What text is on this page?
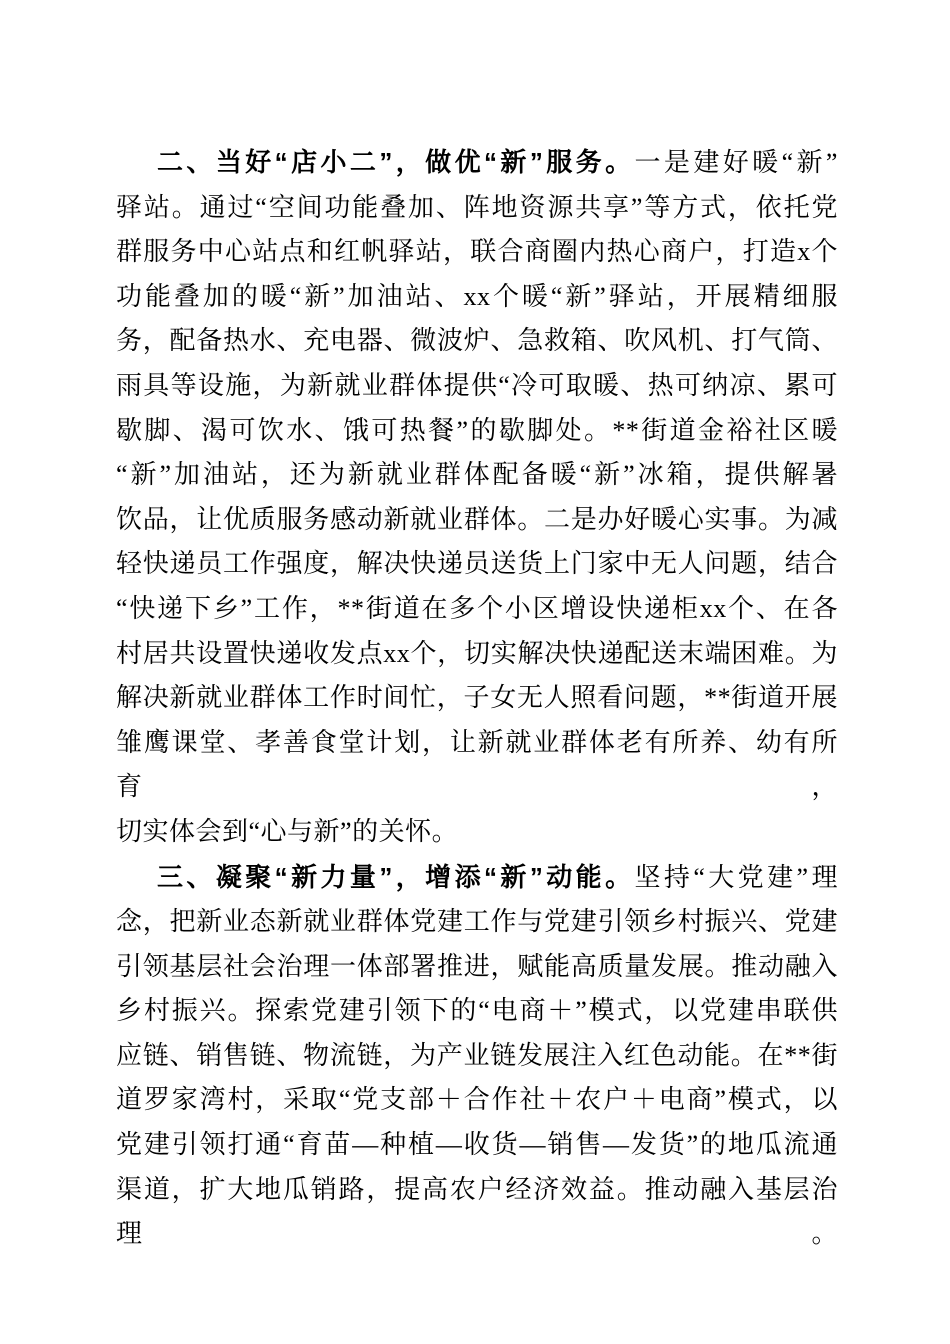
二、当好“店小二”，做优“新”服务。一是建好暖“新”
驿站。通过“空间功能叠加、阵地资源共享”等方式，依托党
群服务中心站点和红帆驿站，联合商圈内热心商户，打造x个
功能叠加的暖“新”加油站、xx个暖“新”驿站，开展精细服
务，配备热水、充电器、微波炉、急救箱、吹风机、打气筒、
雨具等设施，为新就业群体提供“冷可取暖、热可纳凉、累可
歇脚、渴可饮水、饿可热餐”的歇脚处。**街道金裕社区暖
“新”加油站，还为新就业群体配备暖“新”冰箱，提供解暑
饮品，让优质服务感动新就业群体。二是办好暖心实事。为减
轻快递员工作强度，解决快递员送货上门家中无人问题，结合
“快递下乡”工作，**街道在多个小区增设快递柜xx个、在各
村居共设置快递收发点xx个，切实解决快递配送末端困难。为
解决新就业群体工作时间忙，子女无人照看问题，**街道开展
雏鹰课堂、孝善食堂计划，让新就业群体老有所养、幼有所育，
切实体会到“心与新”的关怀。
三、凝聚“新力量”，增添“新”动能。坚持“大党建”理
念，把新业态新就业群体党建工作与党建引领乡村振兴、党建
引领基层社会治理一体部署推进，赋能高质量发展。推动融入
乡村振兴。探索党建引领下的“电商＋”模式，以党建串联供
应链、销售链、物流链，为产业链发展注入红色动能。在**街
道罗家湾村，采取“党支部＋合作社＋农户＋电商”模式，以
党建引领打通“育苗—种植—收货—销售—发货”的地瓜流通
渠道，扩大地瓜销路，提高农户经济效益。推动融入基层治理。
